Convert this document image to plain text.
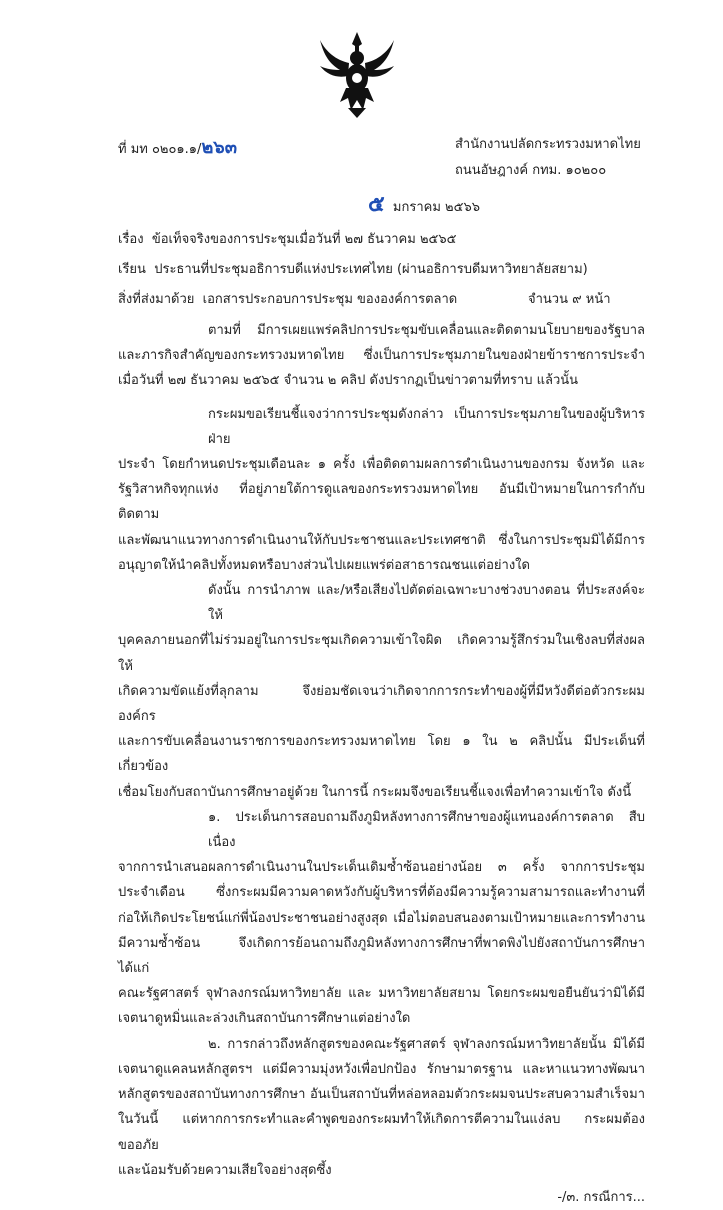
ที่ มท ๐๒๐๑.๑/๒๖๓	สำนักงานปลัดกระทรวงมหาดไทย
ถนนอัษฎางค์ กทม. ๑๐๒๐๐
๕ มกราคม ๒๕๖๖
เรื่อง ข้อเท็จจริงของการประชุมเมื่อวันที่ ๒๗ ธันวาคม ๒๕๖๕
เรียน ประธานที่ประชุมอธิการบดีแห่งประเทศไทย (ผ่านอธิการบดีมหาวิทยาลัยสยาม)
สิ่งที่ส่งมาด้วย เอกสารประกอบการประชุม ขององค์การตลาด	จำนวน ๙ หน้า
ตามที่ มีการเผยแพร่คลิปการประชุมขับเคลื่อนและติดตามนโยบายของรัฐบาล
และภารกิจสำคัญของกระทรวงมหาดไทย ซึ่งเป็นการประชุมภายในของฝ่ายข้าราชการประจำ
เมื่อวันที่ ๒๗ ธันวาคม ๒๕๖๕ จำนวน ๒ คลิป ดังปรากฏเป็นข่าวตามที่ทราบ แล้วนั้น
กระผมขอเรียนชี้แจงว่าการประชุมดังกล่าว เป็นการประชุมภายในของผู้บริหารฝ่าย
ประจำ โดยกำหนดประชุมเดือนละ ๑ ครั้ง เพื่อติดตามผลการดำเนินงานของกรม จังหวัด และ
รัฐวิสาหกิจทุกแห่ง ที่อยู่ภายใต้การดูแลของกระทรวงมหาดไทย อันมีเป้าหมายในการกำกับ ติดตาม
และพัฒนาแนวทางการดำเนินงานให้กับประชาชนและประเทศชาติ ซึ่งในการประชุมมิได้มีการ
อนุญาตให้นำคลิปทั้งหมดหรือบางส่วนไปเผยแพร่ต่อสาธารณชนแต่อย่างใด
ดังนั้น การนำภาพ และ/หรือเสียงไปตัดต่อเฉพาะบางช่วงบางตอน ที่ประสงค์จะให้
บุคคลภายนอกที่ไม่ร่วมอยู่ในการประชุมเกิดความเข้าใจผิด เกิดความรู้สึกร่วมในเชิงลบที่ส่งผลให้
เกิดความขัดแย้งที่ลุกลาม จึงย่อมชัดเจนว่าเกิดจากการกระทำของผู้ที่มีหวังดีต่อตัวกระผม องค์กร
และการขับเคลื่อนงานราชการของกระทรวงมหาดไทย โดย ๑ ใน ๒ คลิปนั้น มีประเด็นที่เกี่ยวข้อง
เชื่อมโยงกับสถาบันการศึกษาอยู่ด้วย ในการนี้ กระผมจึงขอเรียนชี้แจงเพื่อทำความเข้าใจ ดังนี้
๑. ประเด็นการสอบถามถึงภูมิหลังทางการศึกษาของผู้แทนองค์การตลาด สืบเนื่อง
จากการนำเสนอผลการดำเนินงานในประเด็นเดิมซ้ำซ้อนอย่างน้อย ๓ ครั้ง จากการประชุม
ประจำเดือน ซึ่งกระผมมีความคาดหวังกับผู้บริหารที่ต้องมีความรู้ความสามารถและทำงานที่
ก่อให้เกิดประโยชน์แก่พี่น้องประชาชนอย่างสูงสุด เมื่อไม่ตอบสนองตามเป้าหมายและการทำงาน
มีความซ้ำซ้อน จึงเกิดการย้อนถามถึงภูมิหลังทางการศึกษาที่พาดพิงไปยังสถาบันการศึกษา ได้แก่
คณะรัฐศาสตร์ จุฬาลงกรณ์มหาวิทยาลัย และ มหาวิทยาลัยสยาม โดยกระผมขอยืนยันว่ามิได้มี
เจตนาดูหมิ่นและล่วงเกินสถาบันการศึกษาแต่อย่างใด
๒. การกล่าวถึงหลักสูตรของคณะรัฐศาสตร์ จุฬาลงกรณ์มหาวิทยาลัยนั้น มิได้มี
เจตนาดูแคลนหลักสูตรฯ แต่มีความมุ่งหวังเพื่อปกป้อง รักษามาตรฐาน และหาแนวทางพัฒนา
หลักสูตรของสถาบันทางการศึกษา อันเป็นสถาบันที่หล่อหลอมตัวกระผมจนประสบความสำเร็จมา
ในวันนี้ แต่หากการกระทำและคำพูดของกระผมทำให้เกิดการตีความในแง่ลบ กระผมต้องขออภัย
และน้อมรับด้วยความเสียใจอย่างสุดซึ้ง
-/๓. กรณีการ...
